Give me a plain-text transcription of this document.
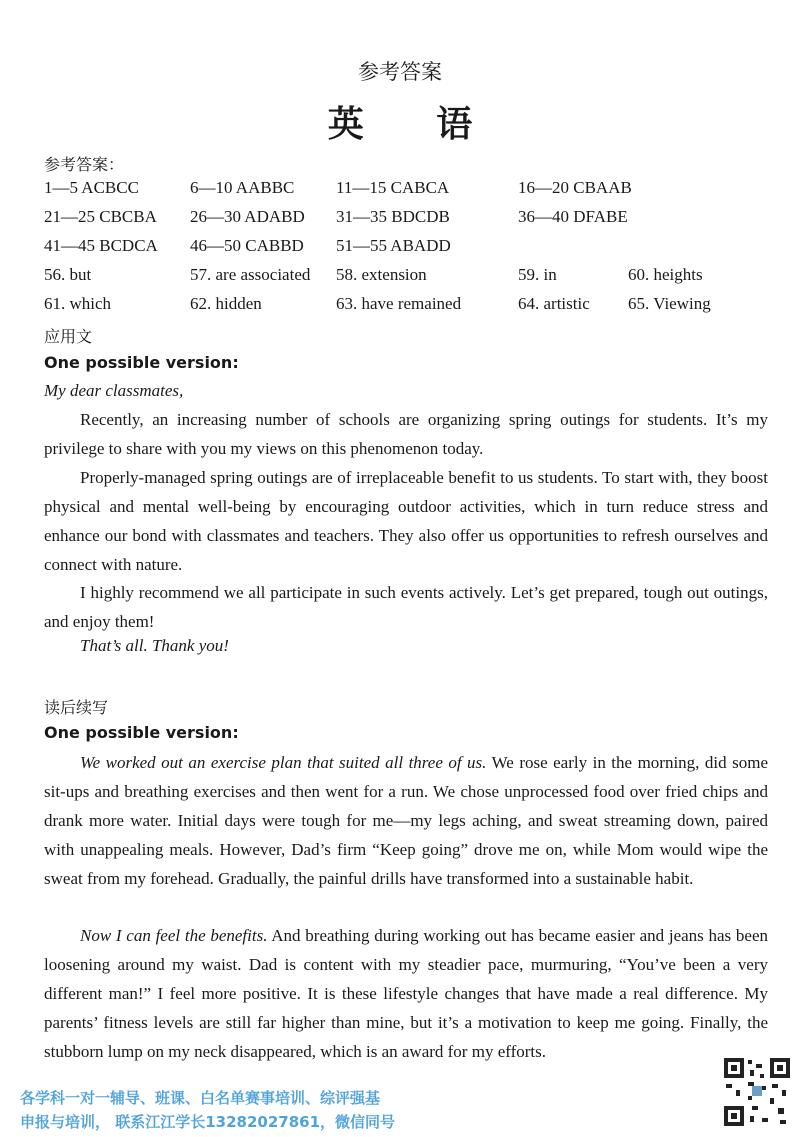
参考答案
英 语
参考答案：
1—5 ACBCC	6—10 AABBC 11—15 CABCA	16—20 CBAAB
21—25 CBCBA 26—30 ADABD 31—35 BDCDB	36—40 DFABE
41—45 BCDCA 46—50 CABBD 51—55 ABADD
56. but	57. are associated 58. extension	59. in	60. heights
61. which	62. hidden	63. have remained	64. artistic 65. Viewing
应用文
One possible version:
My dear classmates,

Recently, an increasing number of schools are organizing spring outings for students. It’s my privilege to share with you my views on this phenomenon today.

Properly-managed spring outings are of irreplaceable benefit to us students. To start with, they boost physical and mental well-being by encouraging outdoor activities, which in turn reduce stress and enhance our bond with classmates and teachers. They also offer us opportunities to refresh ourselves and connect with nature.

I highly recommend we all participate in such events actively. Let’s get prepared, tough out outings, and enjoy them!

That’s all. Thank you!
读后续写
One possible version:

We worked out an exercise plan that suited all three of us. We rose early in the morning, did some sit-ups and breathing exercises and then went for a run. We chose unprocessed food over fried chips and drank more water. Initial days were tough for me—my legs aching, and sweat streaming down, paired with unappealing meals. However, Dad’s firm “Keep going” drove me on, while Mom would wipe the sweat from my forehead. Gradually, the painful drills have transformed into a sustainable habit.

Now I can feel the benefits. And breathing during working out has became easier and jeans has been loosening around my waist. Dad is content with my steadier pace, murmuring, “You’ve been a very different man!” I feel more positive. It is these lifestyle changes that have made a real difference. My parents’ fitness levels are still far higher than mine, but it’s a motivation to keep me going. Finally, the stubborn lump on my neck disappeared, which is an award for my efforts.

各学科一对一辅导、班课、白名单赛事培训、综评强基
申报与培训， 联系江江学长13282027861，微信同号
